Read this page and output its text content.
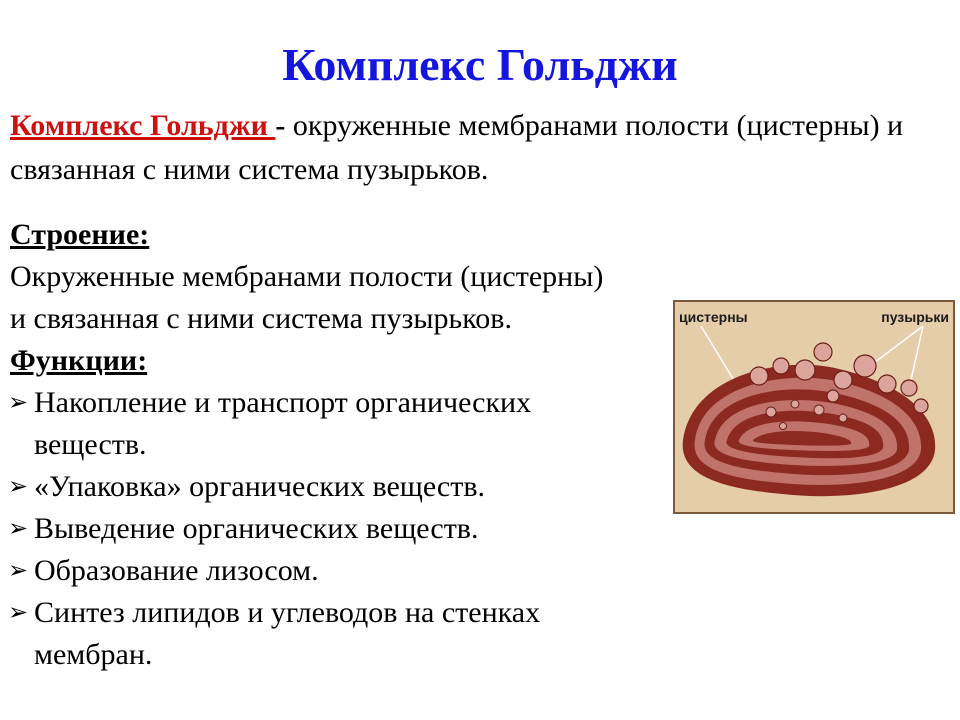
Комплекс Гольджи
Комплекс Гольджи - окруженные мембранами полости (цистерны) и связанная с ними система пузырьков.
Строение:
Окруженные мембранами полости (цистерны)
и связанная с ними система пузырьков.
Функции:
➢ Накопление и транспорт органических
веществ.
➢ «Упаковка» органических веществ.
➢ Выведение органических веществ.
➢ Образование лизосом.
➢ Синтез липидов и углеводов на стенках
мембран.
цистерны	пузырьки
